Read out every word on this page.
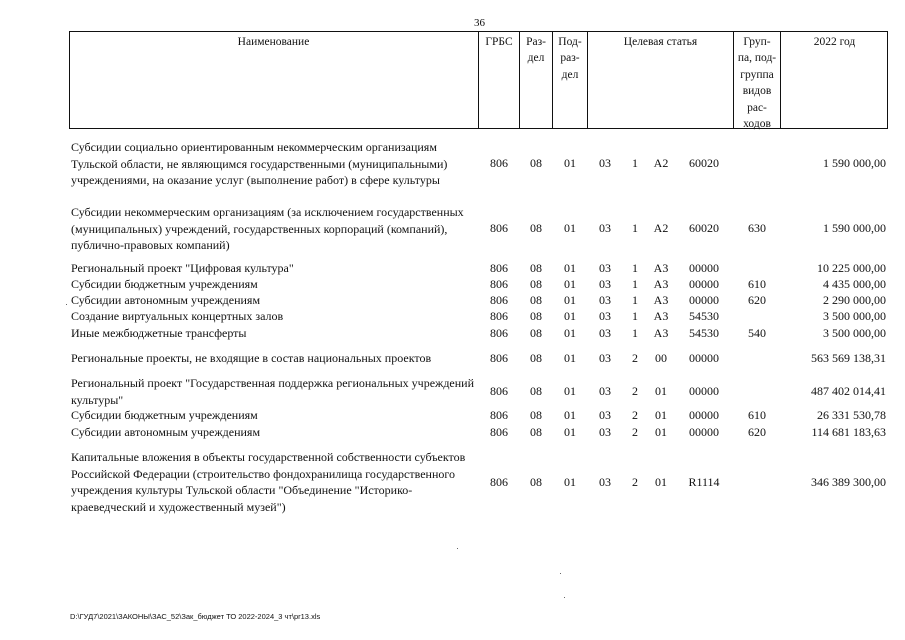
36
Наименование	ГРБС	Раз-
дел
Под-
раз-
дел
Целевая статья	Груп-
па, под-
группа
видов
рас-
ходов
2022 год
Субсидии социально ориентированным некоммерческим организациям Тульской области, не являющимся государственными (муниципальными) учреждениями, на оказание услуг (выполнение работ) в сфере культуры
806	08	01	03	1	А2	60020	1 590 000,00
Субсидии некоммерческим организациям (за исключением государственных (муниципальных) учреждений, государственных корпораций (компаний), публично-правовых компаний)
806	08	01	03	1	А2	60020	630	1 590 000,00
Региональный проект "Цифровая культура"	806	08	01	03	1	А3	00000	10 225 000,00
Субсидии бюджетным учреждениям	806	08	01	03	1	А3	00000	610	4 435 000,00
Субсидии автономным учреждениям	806	08	01	03	1	А3	00000	620	2 290 000,00
Создание виртуальных концертных залов	806	08	01	03	1	А3	54530	3 500 000,00
Иные межбюджетные трансферты	806	08	01	03	1	А3	54530	540	3 500 000,00
Региональные проекты, не входящие в состав национальных проектов	806	08	01	03	2	00	00000	563 569 138,31
Региональный проект "Государственная поддержка региональных учреждений культуры"
806	08	01	03	2	01	00000	487 402 014,41
Субсидии бюджетным учреждениям	806	08	01	03	2	01	00000	610	26 331 530,78
Субсидии автономным учреждениям	806	08	01	03	2	01	00000	620	114 681 183,63
Капитальные вложения в объекты государственной собственности субъектов Российской Федерации (строительство фондохранилища государственного учреждения культуры Тульской области "Объединение "Историко-краеведческий и художественный музей")
806	08	01	03	2	01	R1114	346 389 300,00
D:\ГУД7\2021\ЗАКОНЫ\ЗАС_52\Зак_бюджет ТО 2022-2024_3 чт\pr13.xls
